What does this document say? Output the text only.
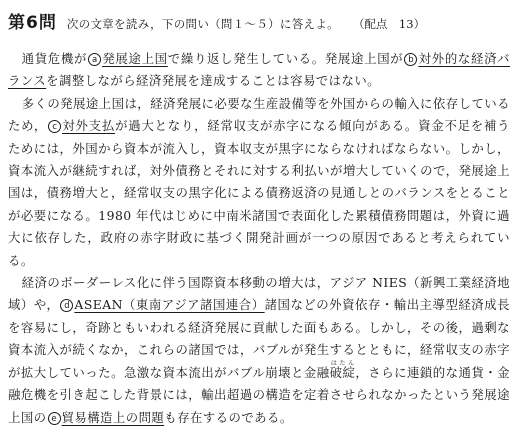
第6問 次の文章を読み，下の問い（問１～５）に答えよ。 （配点　13）

通貨危機が a 発展途上国で繰り返し発生している。発展途上国が b 対外的な経済バランスを調整しながら経済発展を達成することは容易ではない。

多くの発展途上国は，経済発展に必要な生産設備等を外国からの輸入に依存しているため， c 対外支払が過大となり，経常収支が赤字になる傾向がある。資金不足を補うためには，外国から資本が流入し，資本収支が黒字にならなければならない。しかし，資本流入が継続すれば，対外債務とそれに対する利払いが増大していくので，発展途上国は，債務増大と，経常収支の黒字化による債務返済の見通しとのバランスをとることが必要になる。1980 年代はじめに中南米諸国で表面化した累積債務問題は，外資に過大に依存した，政府の赤字財政に基づく開発計画が一つの原因であると考えられている。

経済のボーダーレス化に伴う国際資本移動の増大は，アジア NIES（新興工業経済地域）や， d ASEAN（東南アジア諸国連合）諸国などの外資依存・輸出主導型経済成長を容易にし，奇跡ともいわれる経済発展に貢献した面もある。しかし，その後，過剰な資本流入が続くなか，これらの諸国では，バブルが発生するとともに，経常収支の赤字が拡大していった。急激な資本流出がバブル崩壊と金融破綻はたん，さらに連鎖的な通貨・金融危機を引き起こした背景には，輸出超過の構造を定着させられなかったという発展途上国の e 貿易構造上の問題も存在するのである。
